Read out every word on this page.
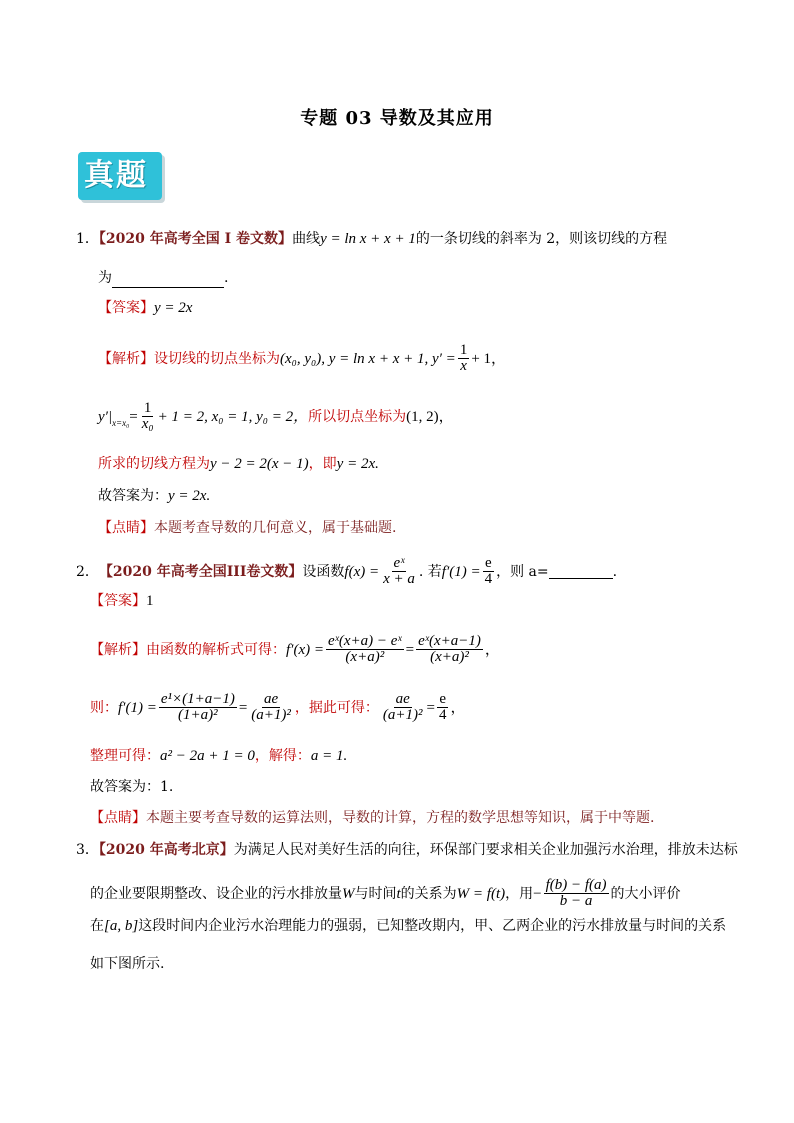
专题 03 导数及其应用
真题
1．【2020 年高考全国 I 卷文数】曲线y = ln x + x + 1的一条切线的斜率为 2，则该切线的方程
为	.
【答案】y = 2x
【解析】 设切线的切点坐标为 (x₀, y₀), y = ln x + x + 1, $y' = \frac{1}{x} + 1$，
y′| $x=x_0 = \frac{1}{\text{x₀}} + 1 = 2$, x₀ = 1, y₀ = 2， 所以切点坐标为 (1, 2)，
所求的切线方程为y − 2 = 2(x − 1)，即y = 2x.
故答案为：y = 2x.
【点睛】本题考查导数的几何意义，属于基础题.
2． 【2020 年高考全国III卷文数】 设函数 $f(x) = \frac{\text{eˣ}}{x + a}$ . 若 $f'(1) = \frac{e}{4}$ ，则 a=	.
【答案】1
【解析】 由函数的解析式可得： $f'(x) = \frac{\text{eˣ(x+a) − eˣ}}{\text{(x+a)²}} = \frac{\text{eˣ(x+a−1)}}{\text{(x+a)²}}$ ，
则： $f'(1) = \frac{\text{e¹×(1+a−1)}}{\text{(1+a)²}} = \frac{ae}{\text{(a+1)²}}$ ，据此可得： $\frac{ae}{\text{(a+1)²}} = \frac{e}{4}$ ，
整理可得：a² − 2a + 1 = 0，解得：a = 1.
故答案为：1.
【点睛】本题主要考查导数的运算法则，导数的计算，方程的数学思想等知识，属于中等题.
3．【2020 年高考北京】为满足人民对美好生活的向往，环保部门要求相关企业加强污水治理，排放未达标
的企业要限期整改、设企业的污水排放量 W 与时间 t 的关系为 W = f(t) ，用 − $\frac{f(b) - f(a)}{b - a}$ 的大小评价
在[a, b]这段时间内企业污水治理能力的强弱，已知整改期内，甲、乙两企业的污水排放量与时间的关系
如下图所示.
